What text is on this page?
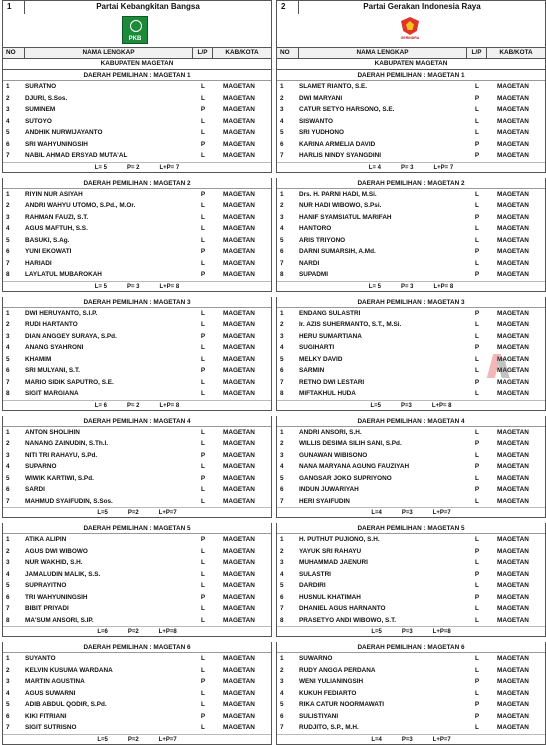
1	Partai Kebangkitan Bangsa
PKB
NO	NAMA LENGKAP	L/P	KAB/KOTA
KABUPATEN MAGETAN
DAERAH PEMILIHAN : MAGETAN 1
1	SURATNO	L	MAGETAN
2	DJURI, S.Sos.	L	MAGETAN
3	SUMINEM	P	MAGETAN
4	SUTOYO	L	MAGETAN
5	ANDHIK NURWIJAYANTO	L	MAGETAN
6	SRI WAHYUNINGSIH	P	MAGETAN
7	NABIL AHMAD ERSYAD MUTA'AL	L	MAGETAN
L= 5	P= 2	L+P= 7
DAERAH PEMILIHAN : MAGETAN 2
1	RIYIN NUR ASIYAH	P	MAGETAN
2	ANDRI WAHYU UTOMO, S.Pd., M.Or.	L	MAGETAN
3	RAHMAN FAUZI, S.T.	L	MAGETAN
4	AGUS MAFTUH, S.S.	L	MAGETAN
5	BASUKI, S.Ag.	L	MAGETAN
6	YUNI EKOWATI	P	MAGETAN
7	HARIADI	L	MAGETAN
8	LAYLATUL MUBAROKAH	P	MAGETAN
L= 5	P= 3	L+P= 8
DAERAH PEMILIHAN : MAGETAN 3
1	DWI HERUYANTO, S.I.P.	L	MAGETAN
2	RUDI HARTANTO	L	MAGETAN
3	DIAN ANGGEY SURAYA, S.Pd.	P	MAGETAN
4	ANANG SYAHRONI	L	MAGETAN
5	KHAMIM	L	MAGETAN
6	SRI MULYANI, S.T.	P	MAGETAN
7	MARIO SIDIK SAPUTRO, S.E.	L	MAGETAN
8	SIGIT MARGIANA	L	MAGETAN
L= 6	P= 2	L+P= 8
DAERAH PEMILIHAN : MAGETAN 4
1	ANTON SHOLIHIN	L	MAGETAN
2	NANANG ZAINUDIN, S.Th.I.	L	MAGETAN
3	NITI TRI RAHAYU, S.Pd.	P	MAGETAN
4	SUPARNO	L	MAGETAN
5	WIWIK KARTIWI, S.Pd.	P	MAGETAN
6	SARDI	L	MAGETAN
7	MAHMUD SYAIFUDIN, S.Sos.	L	MAGETAN
L=5	P=2	L+P=7
DAERAH PEMILIHAN : MAGETAN 5
1	ATIKA ALIPIN	P	MAGETAN
2	AGUS DWI WIBOWO	L	MAGETAN
3	NUR WAKHID, S.H.	L	MAGETAN
4	JAMALUDIN MALIK, S.S.	L	MAGETAN
5	SUPRAYITNO	L	MAGETAN
6	TRI WAHYUNINGSIH	P	MAGETAN
7	BIBIT PRIYADI	L	MAGETAN
8	MA'SUM ANSORI, S.IP.	L	MAGETAN
L=6	P=2	L+P=8
DAERAH PEMILIHAN : MAGETAN 6
1	SUYANTO	L	MAGETAN
2	KELVIN KUSUMA WARDANA	L	MAGETAN
3	MARTIN AGUSTINA	P	MAGETAN
4	AGUS SUWARNI	L	MAGETAN
5	ADIB ABDUL QODIR, S.Pd.	L	MAGETAN
6	KIKI FITRIANI	P	MAGETAN
7	SIGIT SUTRISNO	L	MAGETAN
L=5	P=2	L+P=7
2	Partai Gerakan Indonesia Raya
GERINDRA
NO	NAMA LENGKAP	L/P	KAB/KOTA
KABUPATEN MAGETAN
DAERAH PEMILIHAN : MAGETAN 1
1	SLAMET RIANTO, S.E.	L	MAGETAN
2	DWI MARYANI	P	MAGETAN
3	CATUR SETYO HARSONO, S.E.	L	MAGETAN
4	SISWANTO	L	MAGETAN
5	SRI YUDHONO	L	MAGETAN
6	KARINA ARMELIA DAVID	P	MAGETAN
7	HARLIS NINDY SYANGDINI	P	MAGETAN
L= 4	P= 3	L+P= 7
DAERAH PEMILIHAN : MAGETAN 2
1	Drs. H. PARNI HADI, M.Si.	L	MAGETAN
2	NUR HADI WIBOWO, S.Psi.	L	MAGETAN
3	HANIF SYAMSIATUL MARIFAH	P	MAGETAN
4	HANTORO	L	MAGETAN
5	ARIS TRIYONO	L	MAGETAN
6	DARNI SUMARSIH, A.Md.	P	MAGETAN
7	NARDI	L	MAGETAN
8	SUPADMI	P	MAGETAN
L= 5	P= 3	L+P= 8
DAERAH PEMILIHAN : MAGETAN 3
1	ENDANG SULASTRI	P	MAGETAN
2	Ir. AZIS SUHERMANTO, S.T., M.Si.	L	MAGETAN
3	HERU SUMARTIANA	L	MAGETAN
4	SUGIHARTI	P	MAGETAN
5	MELKY DAVID	L	MAGETAN
6	SARMIN	L	MAGETAN
7	RETNO DWI LESTARI	P	MAGETAN
8	MIFTAKHUL HUDA	L	MAGETAN
L=5	P=3	L+P= 8
DAERAH PEMILIHAN : MAGETAN 4
1	ANDRI ANSORI, S.H.	L	MAGETAN
2	WILLIS DESIMA SILIH SANI, S.Pd.	P	MAGETAN
3	GUNAWAN WIBISONO	L	MAGETAN
4	NANA MARYANA AGUNG FAUZIYAH	P	MAGETAN
5	GANGSAR JOKO SUPRIYONO	L	MAGETAN
6	INDUN JUWARIYAH	P	MAGETAN
7	HERI SYAIFUDIN	L	MAGETAN
L=4	P=3	L+P=7
DAERAH PEMILIHAN : MAGETAN 5
1	H. PUTHUT PUJIONO, S.H.	L	MAGETAN
2	YAYUK SRI RAHAYU	P	MAGETAN
3	MUHAMMAD JAENURI	L	MAGETAN
4	SULASTRI	P	MAGETAN
5	DARDIRI	L	MAGETAN
6	HUSNUL KHATIMAH	P	MAGETAN
7	DHANIEL AGUS HARNANTO	L	MAGETAN
8	PRASETYO ANDI WIBOWO, S.T.	L	MAGETAN
L=5	P=3	L+P=8
DAERAH PEMILIHAN : MAGETAN 6
1	SUWARNO	L	MAGETAN
2	RUDY ANGGA PERDANA	L	MAGETAN
3	WENI YULIANINGSIH	P	MAGETAN
4	KUKUH FEDIARTO	L	MAGETAN
5	RIKA CATUR NOORMAWATI	P	MAGETAN
6	SULISTIYANI	P	MAGETAN
7	RUDJITO, S.P., M.H.	L	MAGETAN
L=4	P=3	L+P=7
